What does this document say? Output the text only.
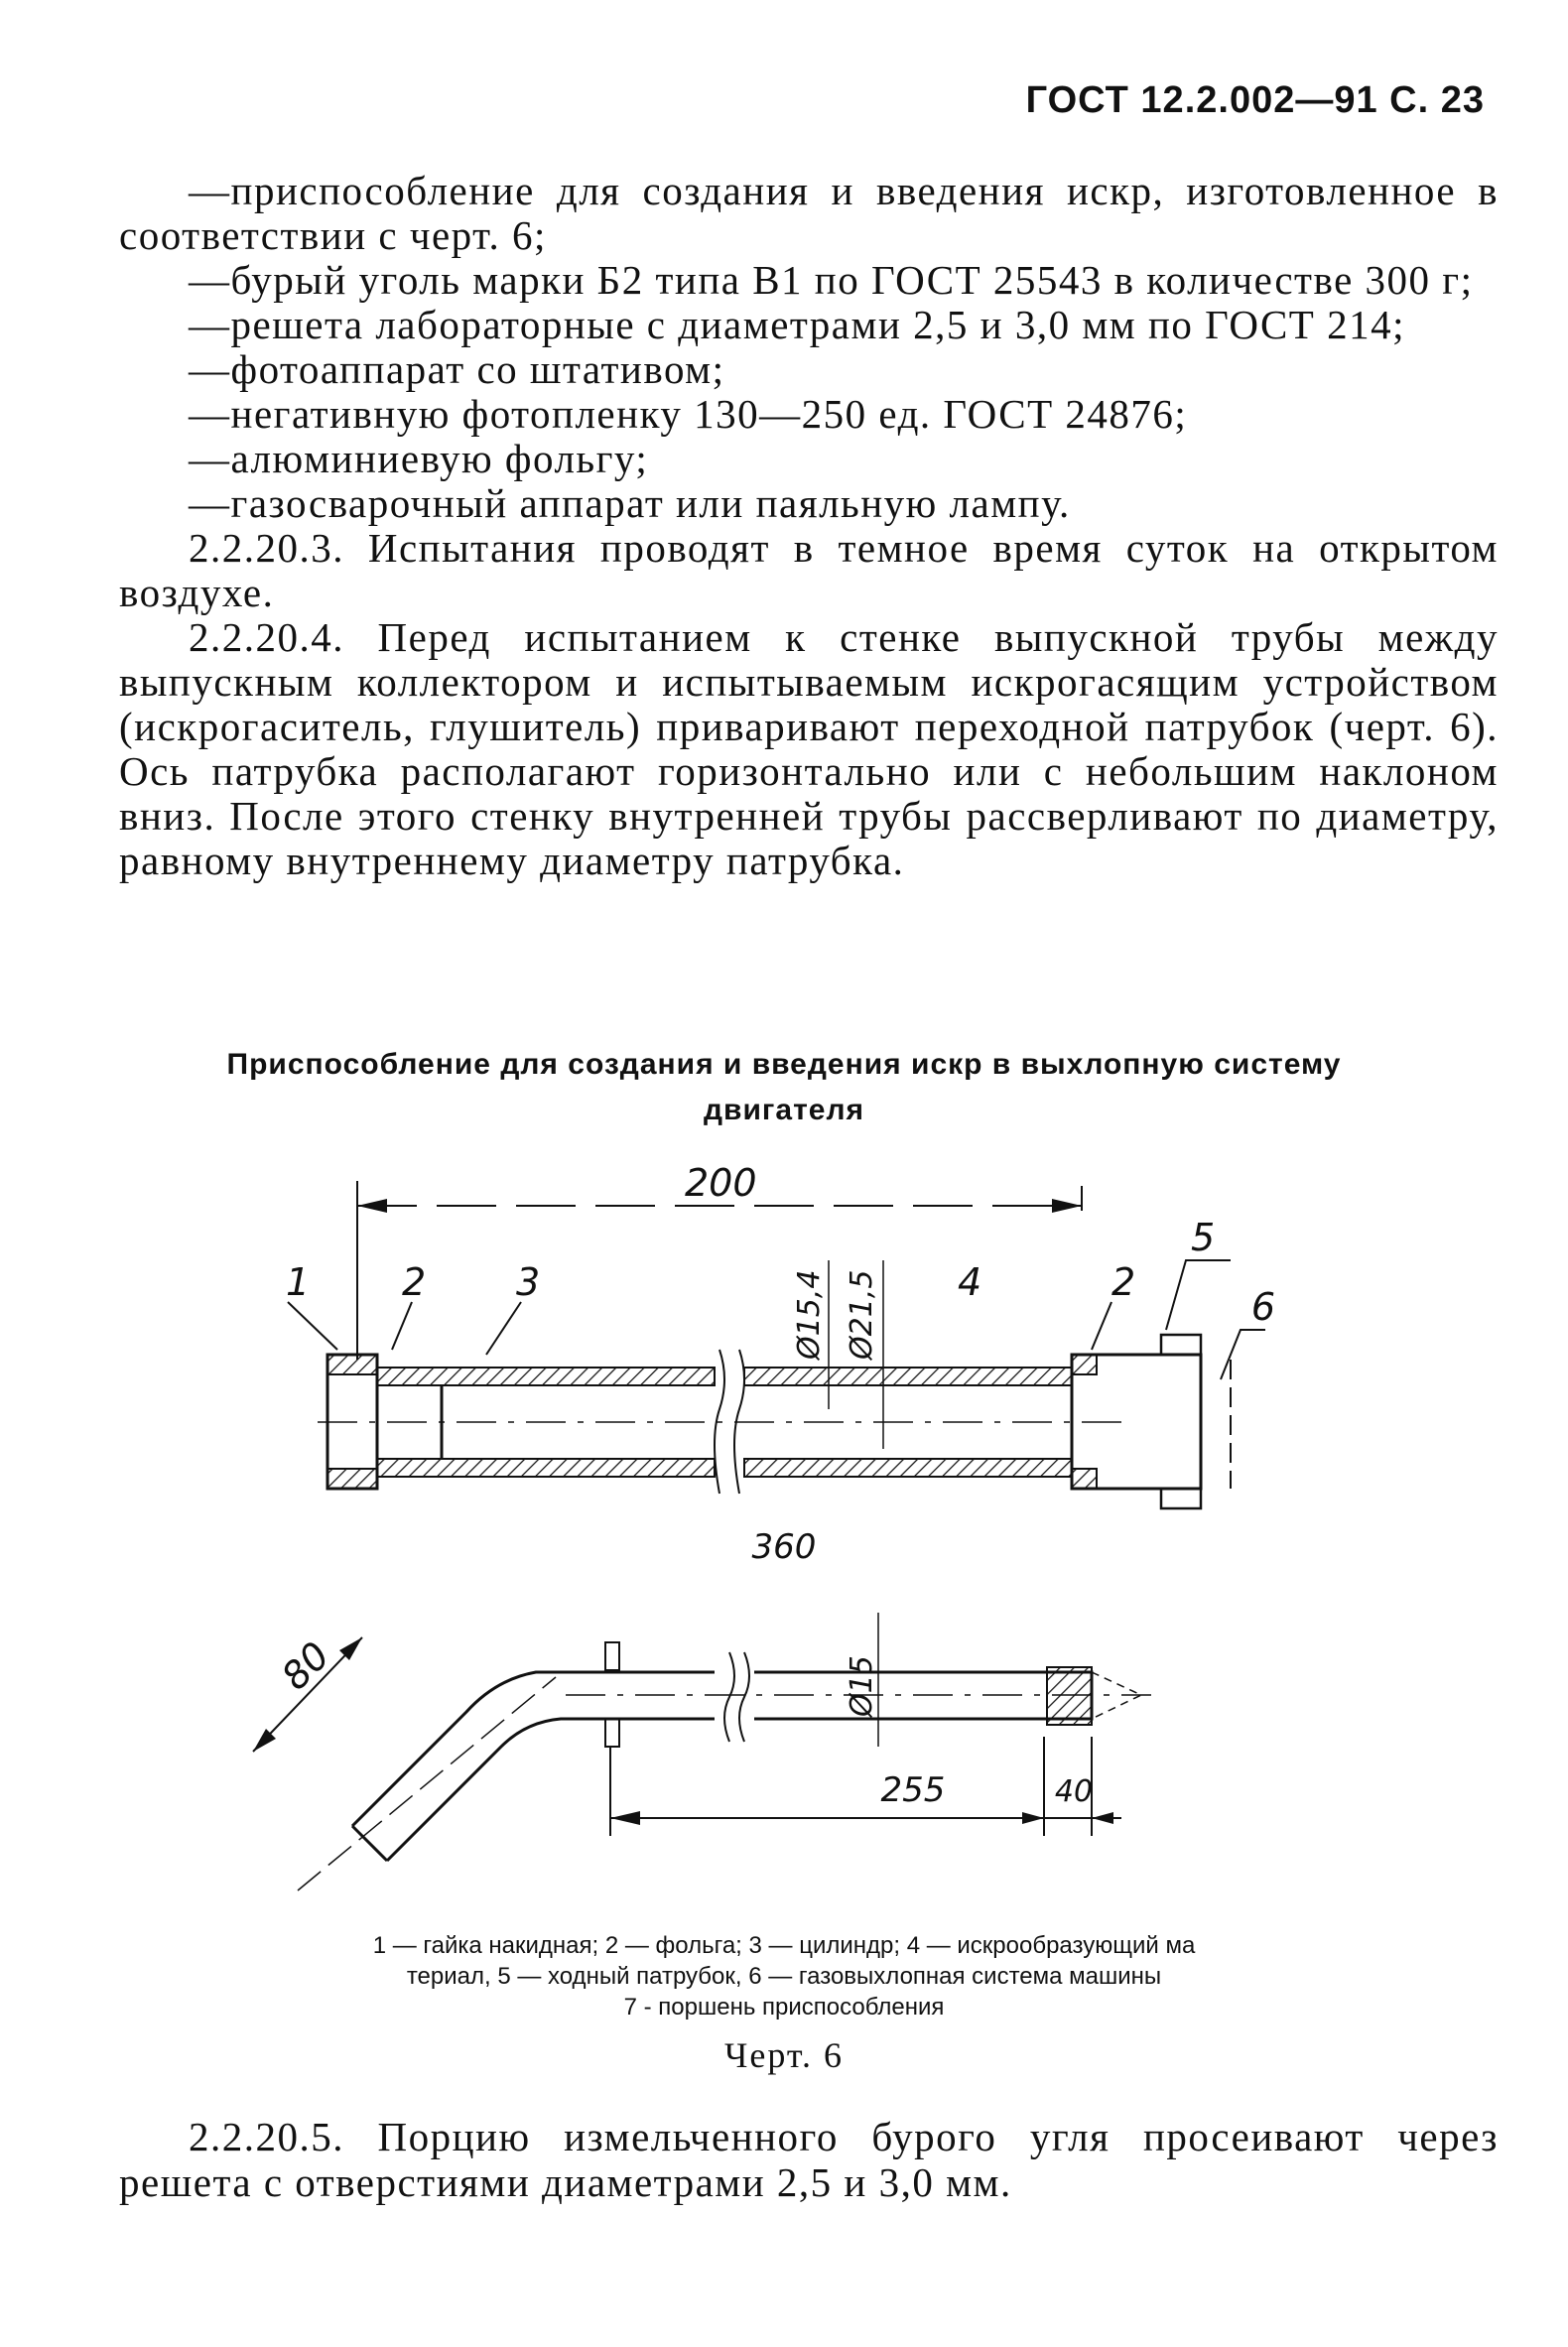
ГОСТ 12.2.002—91 С. 23

—приспособление для создания и введения искр, изготовленное в соответствии с черт. 6;

—бурый уголь марки Б2 типа В1 по ГОСТ 25543 в количестве 300 г;

—решета лабораторные с диаметрами 2,5 и 3,0 мм по ГОСТ 214;

—фотоаппарат со штативом;

—негативную фотопленку 130—250 ед. ГОСТ 24876;

—алюминиевую фольгу;

—газосварочный аппарат или паяльную лампу.

2.2.20.3. Испытания проводят в темное время суток на открытом воздухе.

2.2.20.4. Перед испытанием к стенке выпускной трубы между выпускным коллектором и испытываемым искрогасящим устройством (искрогаситель, глушитель) приваривают переходной патрубок (черт. 6). Ось патрубка располагают горизонтально или с небольшим наклоном вниз. После этого стенку внутренней трубы рассверливают по диаметру, равному внутреннему диаметру патрубка.

Приспособление для создания и введения искр в выхлопную систему двигателя
200
1 2 3	4	2
5
6
Ø15,4 Ø21,5
360
80	Ø15
255	40
1 — гайка накидная; 2 — фольга; 3 — цилиндр; 4 — искрообразующий ма
териал, 5 — ходный патрубок, 6 — газовыхлопная система машины
7 - поршень приспособления
Черт. 6

2.2.20.5. Порцию измельченного бурого угля просеивают через решета с отверстиями диаметрами 2,5 и 3,0 мм.
